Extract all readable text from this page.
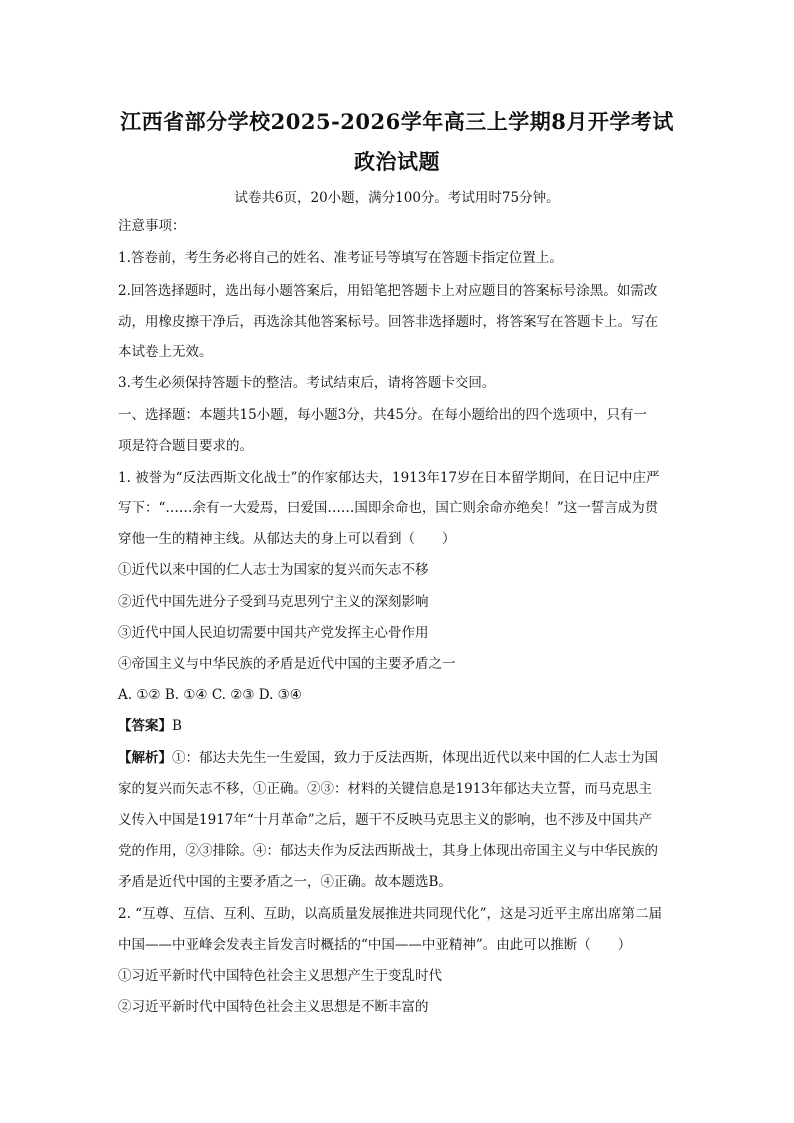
江西省部分学校2025-2026学年高三上学期8月开学考试
政治试题
试卷共6页，20小题，满分100分。考试用时75分钟。
注意事项：
1.答卷前，考生务必将自己的姓名、准考证号等填写在答题卡指定位置上。
2.回答选择题时，选出每小题答案后，用铅笔把答题卡上对应题目的答案标号涂黑。如需改
动，用橡皮擦干净后，再选涂其他答案标号。回答非选择题时，将答案写在答题卡上。写在
本试卷上无效。
3.考生必须保持答题卡的整洁。考试结束后，请将答题卡交回。
一、选择题：本题共15小题，每小题3分，共45分。在每小题给出的四个选项中，只有一
项是符合题目要求的。
1. 被誉为“反法西斯文化战士”的作家郁达夫，1913年17岁在日本留学期间，在日记中庄严
写下：“……余有一大爱焉，曰爱国……国即余命也，国亡则余命亦绝矣！”这一誓言成为贯
穿他一生的精神主线。从郁达夫的身上可以看到（　　）
①近代以来中国的仁人志士为国家的复兴而矢志不移
②近代中国先进分子受到马克思列宁主义的深刻影响
③近代中国人民迫切需要中国共产党发挥主心骨作用
④帝国主义与中华民族的矛盾是近代中国的主要矛盾之一
A. ①② B. ①④ C. ②③ D. ③④
【答案】B
【解析】①：郁达夫先生一生爱国，致力于反法西斯，体现出近代以来中国的仁人志士为国
家的复兴而矢志不移，①正确。②③：材料的关键信息是1913年郁达夫立誓，而马克思主
义传入中国是1917年“十月革命”之后，题干不反映马克思主义的影响，也不涉及中国共产
党的作用，②③排除。④：郁达夫作为反法西斯战士，其身上体现出帝国主义与中华民族的
矛盾是近代中国的主要矛盾之一，④正确。故本题选B。
2. “互尊、互信、互利、互助，以高质量发展推进共同现代化”，这是习近平主席出席第二届
中国——中亚峰会发表主旨发言时概括的“中国——中亚精神”。由此可以推断（　　）
①习近平新时代中国特色社会主义思想产生于变乱时代
②习近平新时代中国特色社会主义思想是不断丰富的
